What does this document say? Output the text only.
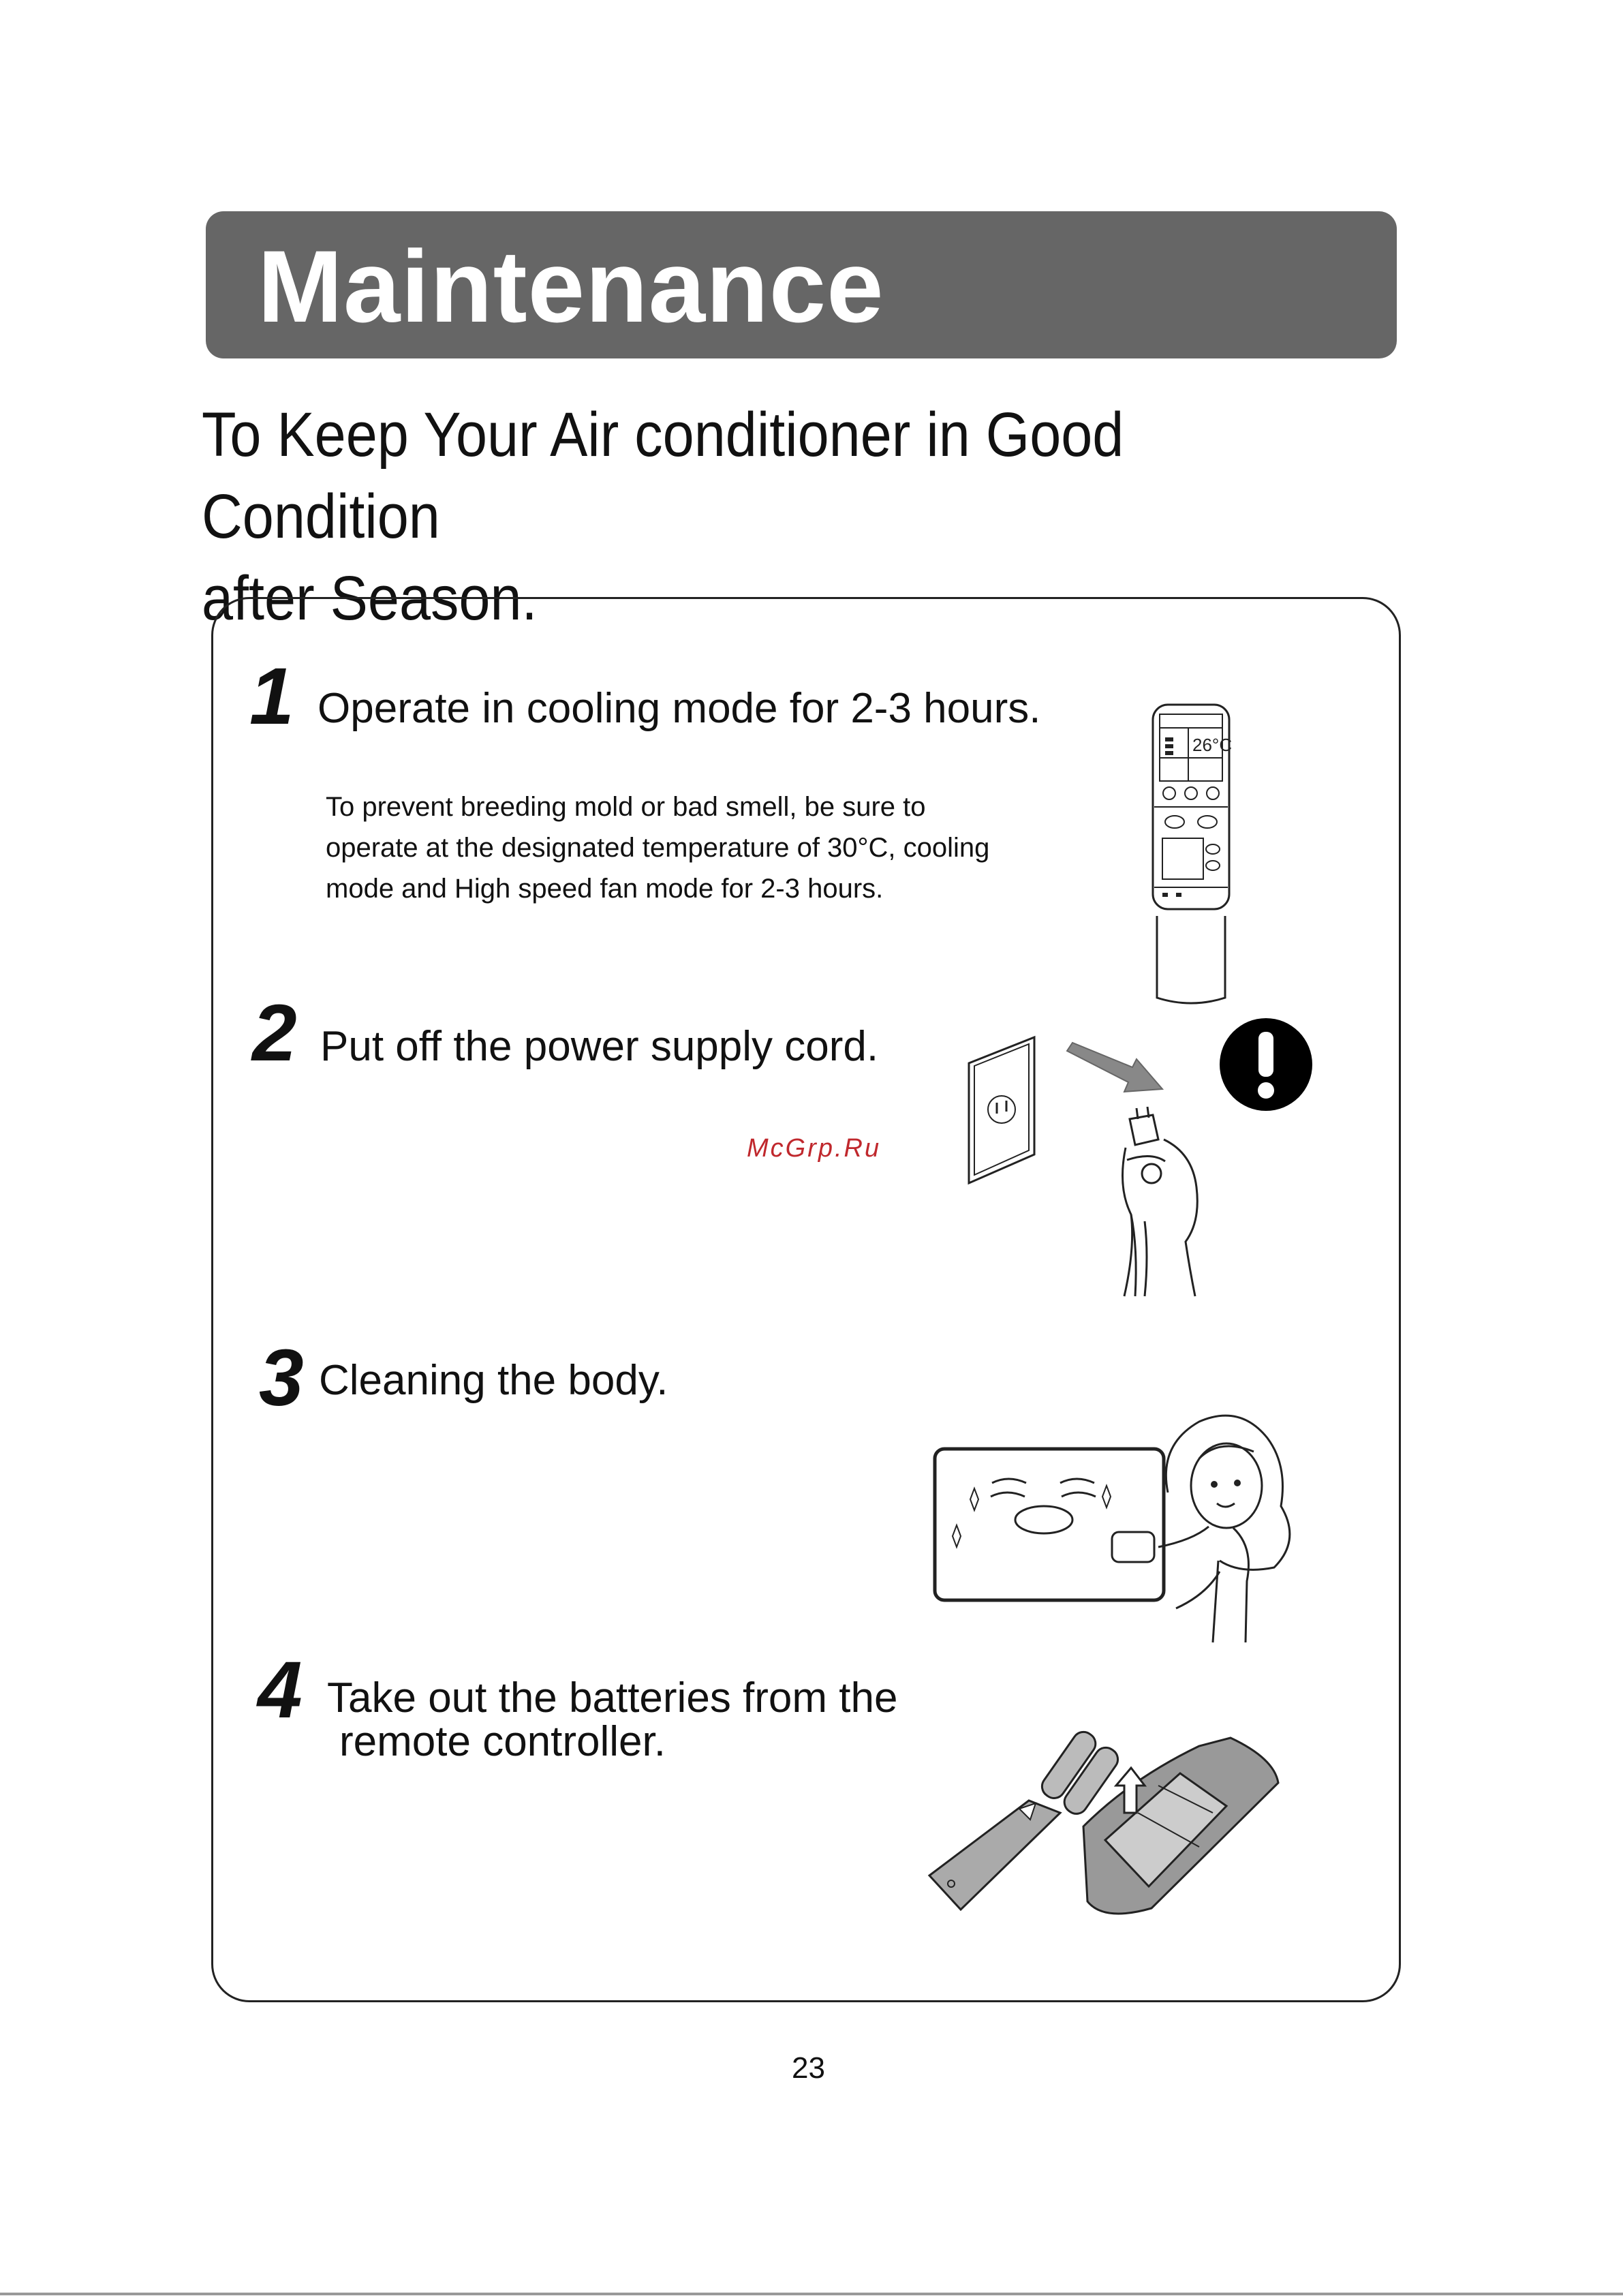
Maintenance
To Keep Your Air conditioner in Good Condition
after Season.
1 Operate in cooling mode for 2-3 hours.
To prevent breeding mold or bad smell, be sure to
operate at the designated temperature of 30°C, cooling
mode and High speed fan mode for 2-3 hours.
26°C
2 Put off the power supply cord.
McGrp.Ru
3 Cleaning the body.
4 Take out the batteries from the
remote controller.
23
